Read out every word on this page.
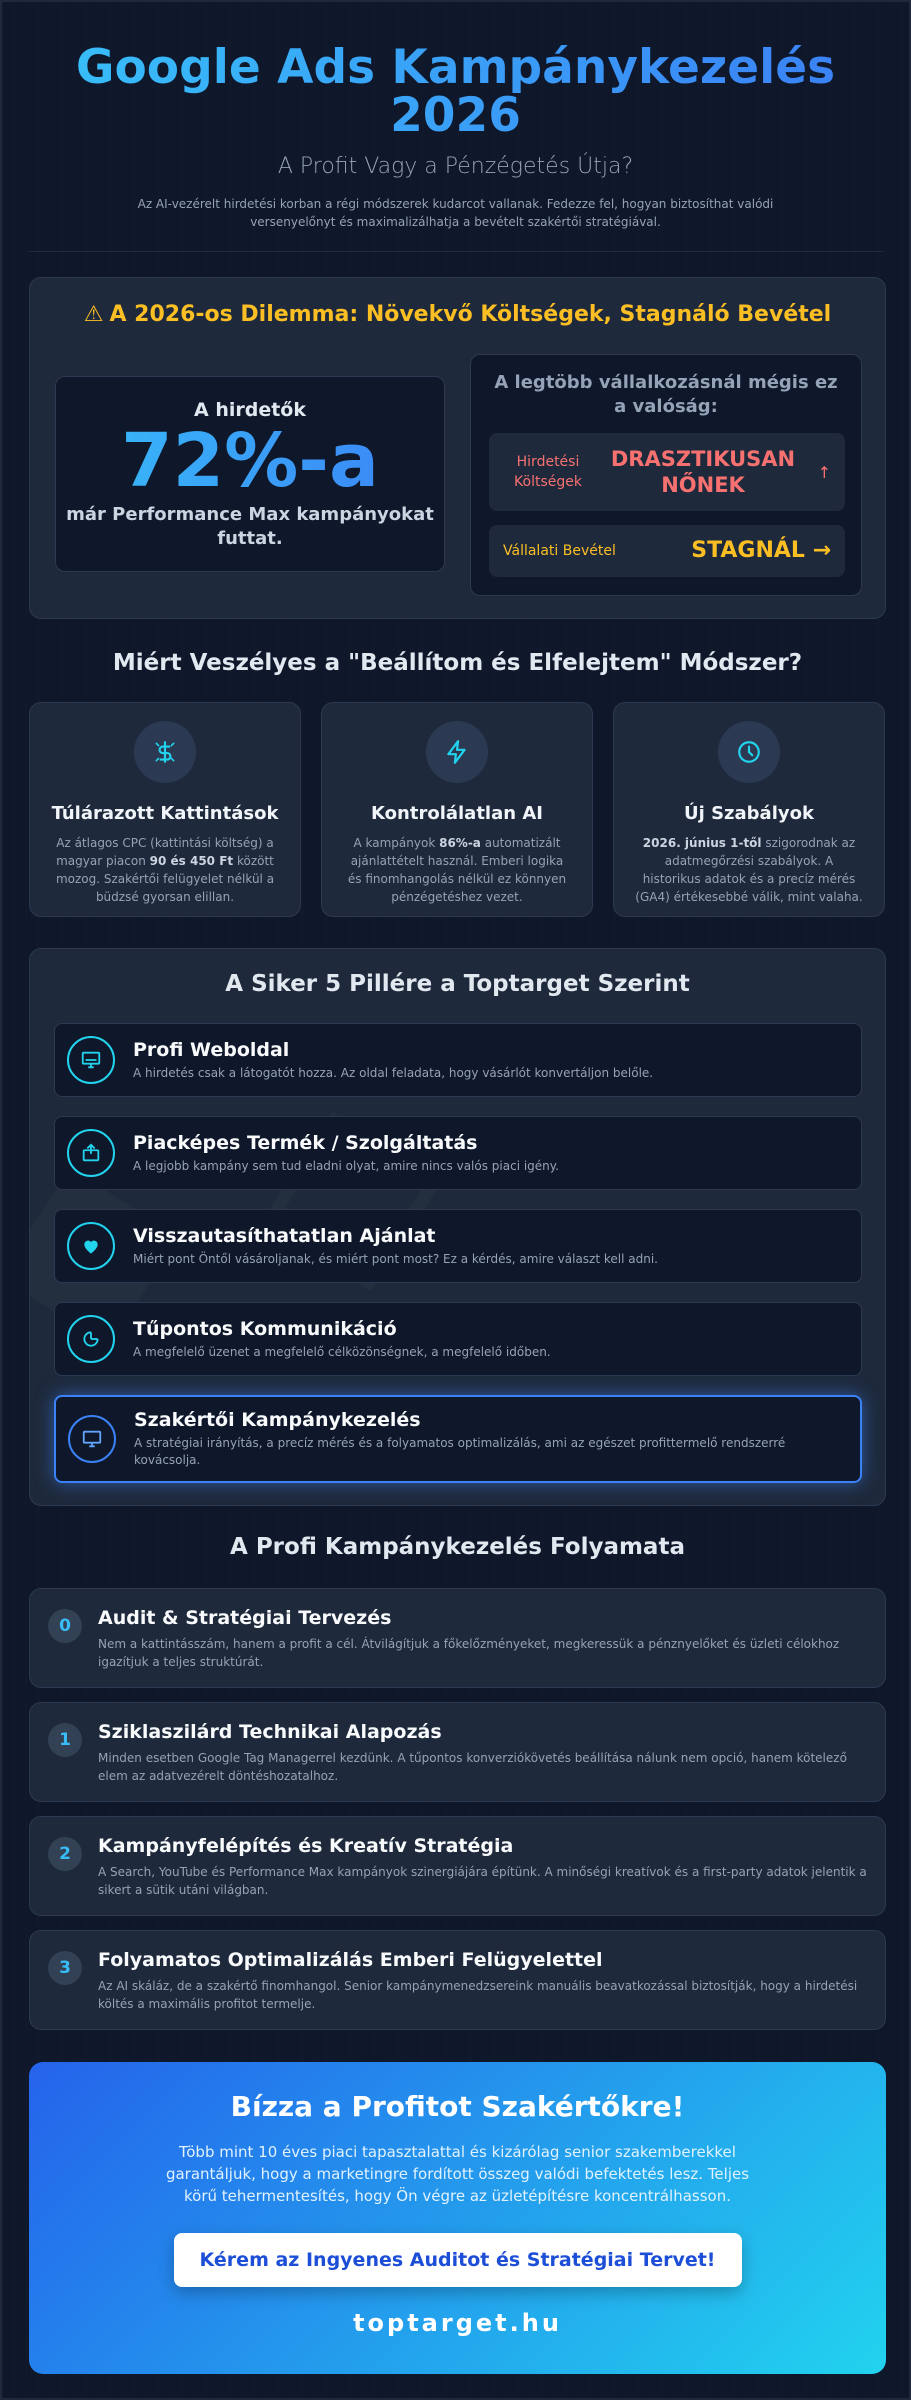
Google Ads Kampánykezelés 2026
A Profit Vagy a Pénzégetés Útja?

Az AI-vezérelt hirdetési korban a régi módszerek kudarcot vallanak. Fedezze fel, hogyan biztosíthat valódi versenyelőnyt és maximalizálhatja a bevételt szakértői stratégiával.

⚠ A 2026-os Dilemma: Növekvő Költségek, Stagnáló Bevétel
A hirdetők
72%-a
már Performance Max kampányokat futtat.
A legtöbb vállalkozásnál mégis ez a valóság:
Hirdetési Költségek
DRASZTIKUSAN NŐNEK
↑
Vállalati Bevétel	STAGNÁL →
Miért Veszélyes a "Beállítom és Elfelejtem" Módszer?
Túlárazott Kattintások

Az átlagos CPC (kattintási költség) a magyar piacon 90 és 450 Ft között mozog. Szakértői felügyelet nélkül a büdzsé gyorsan elillan.

Kontrolálatlan AI

A kampányok 86%-a automatizált ajánlattételt használ. Emberi logika és finomhangolás nélkül ez könnyen pénzégetéshez vezet.

Új Szabályok

2026. június 1-től szigorodnak az adatmegőrzési szabályok. A historikus adatok és a precíz mérés (GA4) értékesebbé válik, mint valaha.

A Siker 5 Pillére a Toptarget Szerint
Profi Weboldal

A hirdetés csak a látogatót hozza. Az oldal feladata, hogy vásárlót konvertáljon belőle.

Piacképes Termék / Szolgáltatás

A legjobb kampány sem tud eladni olyat, amire nincs valós piaci igény.

Visszautasíthatatlan Ajánlat

Miért pont Öntől vásároljanak, és miért pont most? Ez a kérdés, amire választ kell adni.

Tűpontos Kommunikáció

A megfelelő üzenet a megfelelő célközönségnek, a megfelelő időben.

Szakértői Kampánykezelés

A stratégiai irányítás, a precíz mérés és a folyamatos optimalizálás, ami az egészet profittermelő rendszerré kovácsolja.

A Profi Kampánykezelés Folyamata
0	Audit & Stratégiai Tervezés

Nem a kattintásszám, hanem a profit a cél. Átvilágítjuk a főkelőzményeket, megkeressük a pénznyelőket és üzleti célokhoz igazítjuk a teljes struktúrát.

1	Sziklaszilárd Technikai Alapozás

Minden esetben Google Tag Managerrel kezdünk. A tűpontos konverziókövetés beállítása nálunk nem opció, hanem kötelező elem az adatvezérelt döntéshozatalhoz.

2	Kampányfelépítés és Kreatív Stratégia

A Search, YouTube és Performance Max kampányok szinergiájára építünk. A minőségi kreatívok és a first-party adatok jelentik a sikert a sütik utáni világban.

3	Folyamatos Optimalizálás Emberi Felügyelettel

Az AI skáláz, de a szakértő finomhangol. Senior kampánymenedzsereink manuális beavatkozással biztosítják, hogy a hirdetési költés a maximális profitot termelje.

Bízza a Profitot Szakértőkre!

Több mint 10 éves piaci tapasztalattal és kizárólag senior szakemberekkel garantáljuk, hogy a marketingre fordított összeg valódi befektetés lesz. Teljes körű tehermentesítés, hogy Ön végre az üzletépítésre koncentrálhasson.

Kérem az Ingyenes Auditot és Stratégiai Tervet!
toptarget.hu
